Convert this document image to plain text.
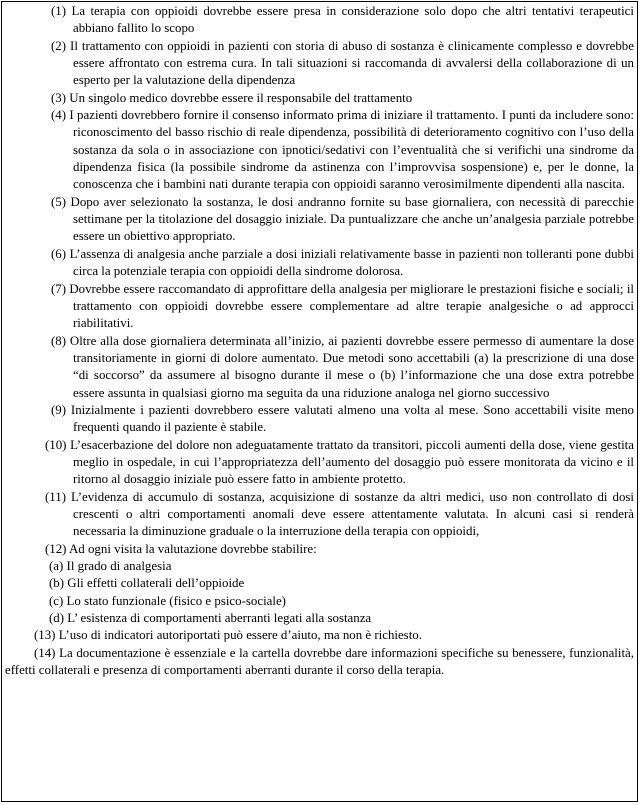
(1) La terapia con oppioidi dovrebbe essere presa in considerazione solo dopo che altri tentativi terapeutici abbiano fallito lo scopo

(2) Il trattamento con oppioidi in pazienti con storia di abuso di sostanza è clinicamente complesso e dovrebbe essere affrontato con estrema cura. In tali situazioni si raccomanda di avvalersi della collaborazione di un esperto per la valutazione della dipendenza

(3) Un singolo medico dovrebbe essere il responsabile del trattamento

(4) I pazienti dovrebbero fornire il consenso informato prima di iniziare il trattamento. I punti da includere sono: riconoscimento del basso rischio di reale dipendenza, possibilità di deterioramento cognitivo con l’uso della sostanza da sola o in associazione con ipnotici/sedativi con l’eventualità che si verifichi una sindrome da dipendenza fisica (la possibile sindrome da astinenza con l’improvvisa sospensione) e, per le donne, la conoscenza che i bambini nati durante terapia con oppioidi saranno verosimilmente dipendenti alla nascita.

(5) Dopo aver selezionato la sostanza, le dosi andranno fornite su base giornaliera, con necessità di parecchie settimane per la titolazione del dosaggio iniziale. Da puntualizzare che anche un’analgesia parziale potrebbe essere un obiettivo appropriato.

(6) L’assenza di analgesia anche parziale a dosi iniziali relativamente basse in pazienti non tolleranti pone dubbi circa la potenziale terapia con oppioidi della sindrome dolorosa.

(7) Dovrebbe essere raccomandato di approfittare della analgesia per migliorare le prestazioni fisiche e sociali; il trattamento con oppioidi dovrebbe essere complementare ad altre terapie analgesiche o ad approcci riabilitativi.

(8) Oltre alla dose giornaliera determinata all’inizio, ai pazienti dovrebbe essere permesso di aumentare la dose transitoriamente in giorni di dolore aumentato. Due metodi sono accettabili (a) la prescrizione di una dose “di soccorso” da assumere al bisogno durante il mese o (b) l’informazione che una dose extra potrebbe essere assunta in qualsiasi giorno ma seguita da una riduzione analoga nel giorno successivo

(9) Inizialmente i pazienti dovrebbero essere valutati almeno una volta al mese. Sono accettabili visite meno frequenti quando il paziente è stabile.

(10) L’esacerbazione del dolore non adeguatamente trattato da transitori, piccoli aumenti della dose, viene gestita meglio in ospedale, in cui l’appropriatezza dell’aumento del dosaggio può essere monitorata da vicino e il ritorno al dosaggio iniziale può essere fatto in ambiente protetto.

(11) L’evidenza di accumulo di sostanza, acquisizione di sostanze da altri medici, uso non controllato di dosi crescenti o altri comportamenti anomali deve essere attentamente valutata. In alcuni casi si renderà necessaria la diminuzione graduale o la interruzione della terapia con oppioidi,

(12) Ad ogni visita la valutazione dovrebbe stabilire:

(a) Il grado di analgesia

(b) Gli effetti collaterali dell’oppioide

(c) Lo stato funzionale (fisico e psico-sociale)

(d) L’ esistenza di comportamenti aberranti legati alla sostanza

(13) L’uso di indicatori autoriportati può essere d’aiuto, ma non è richiesto.

(14) La documentazione è essenziale e la cartella dovrebbe dare informazioni specifiche su benessere, funzionalità, effetti collaterali e presenza di comportamenti aberranti durante il corso della terapia.
